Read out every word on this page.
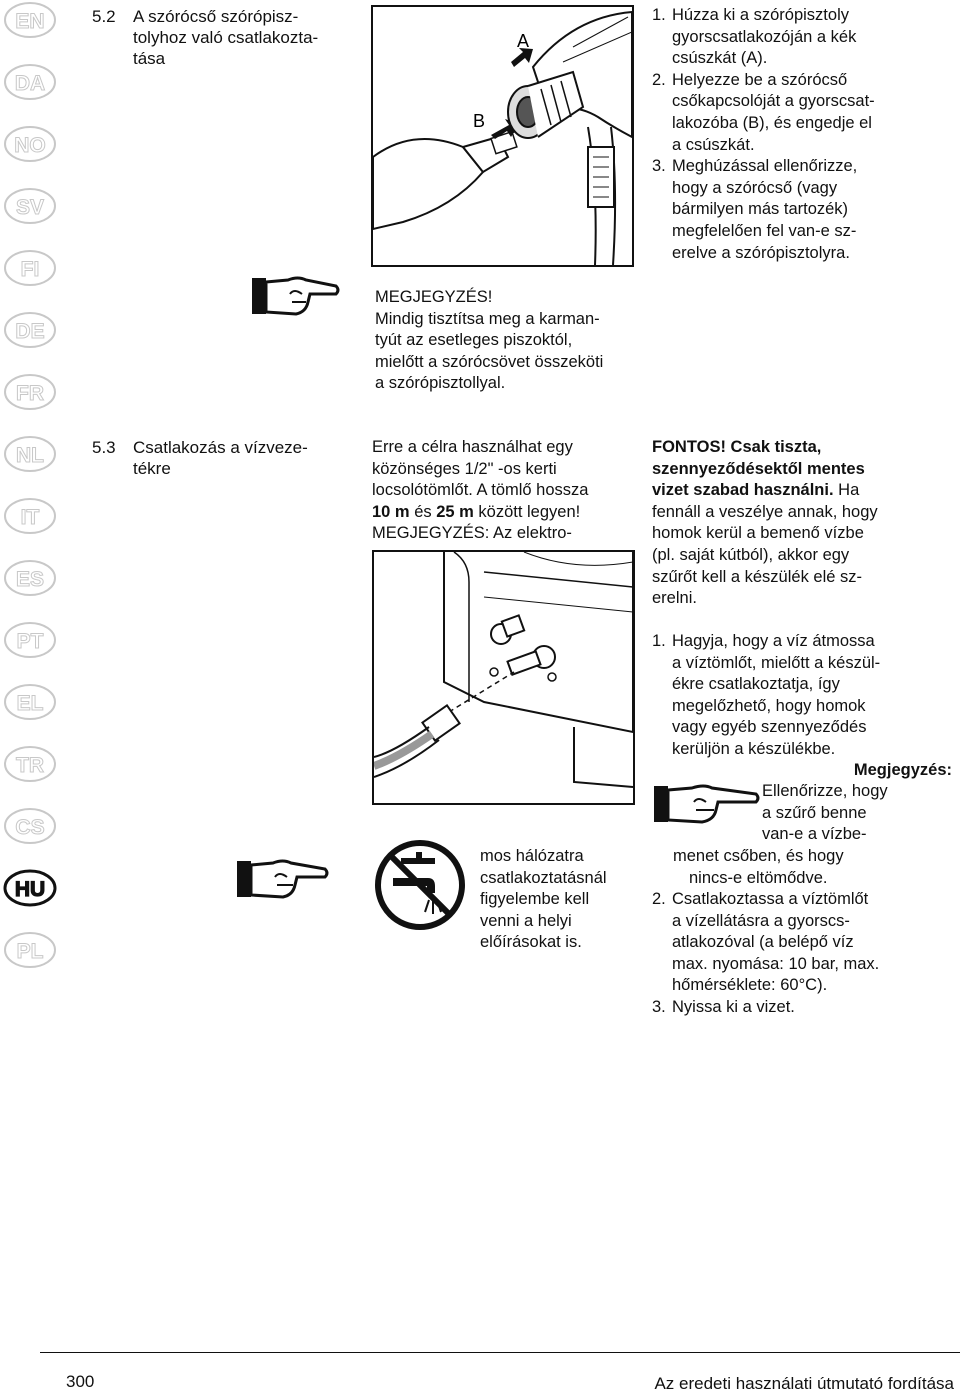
EN
DA
NO
SV
FI
DE
FR
NL
IT
ES
PT
EL
TR
CS
HU
PL
5.2 A szórócső szórópisz-
tolyhoz való csatlakozta-
tása
B
A
1. Húzza ki a szórópisztoly
gyorscsatlakozóján a kék
csúszkát (A).
2. Helyezze be a szórócső
csőkapcsolóját a gyorscsat-
lakozóba (B), és engedje el
a csúszkát.
3. Meghúzással ellenőrizze,
hogy a szórócső (vagy
bármilyen más tartozék)
megfelelően fel van-e sz-
erelve a szórópisztolyra.
MEGJEGYZÉS!
Mindig tisztítsa meg a karman-
tyút az esetleges piszoktól,
mielőtt a szórócsövet összeköti
a szórópisztollyal.
5.3 Csatlakozás a vízveze-
tékre
Erre a célra használhat egy
közönséges 1/2" -os kerti
locsolótömlőt. A tömlő hossza
10 m és 25 m között legyen!
MEGJEGYZÉS: Az elektro-
mos hálózatra
csatlakoztatásnál
figyelembe kell
venni a helyi
előírásokat is.
FONTOS! Csak tiszta,
szennyeződésektől mentes
vizet szabad használni. Ha
fennáll a veszélye annak, hogy
homok kerül a bemenő vízbe
(pl. saját kútból), akkor egy
szűrőt kell a készülék elé sz-
erelni.
1. Hagyja, hogy a víz átmossa
a víztömlőt, mielőtt a készül-
ékre csatlakoztatja, így
megelőzhető, hogy homok
vagy egyéb szennyeződés
kerüljön a készülékbe.
Megjegyzés:
Ellenőrizze, hogy
a szűrő benne
van-e a vízbe-
menet csőben, és hogy
nincs-e eltömődve.
2. Csatlakoztassa a víztömlőt
a vízellátásra a gyorscs-
atlakozóval (a belépő víz
max. nyomása: 10 bar, max.
hőmérséklete: 60°C).
3. Nyissa ki a vizet.
300	Az eredeti használati útmutató fordítása
